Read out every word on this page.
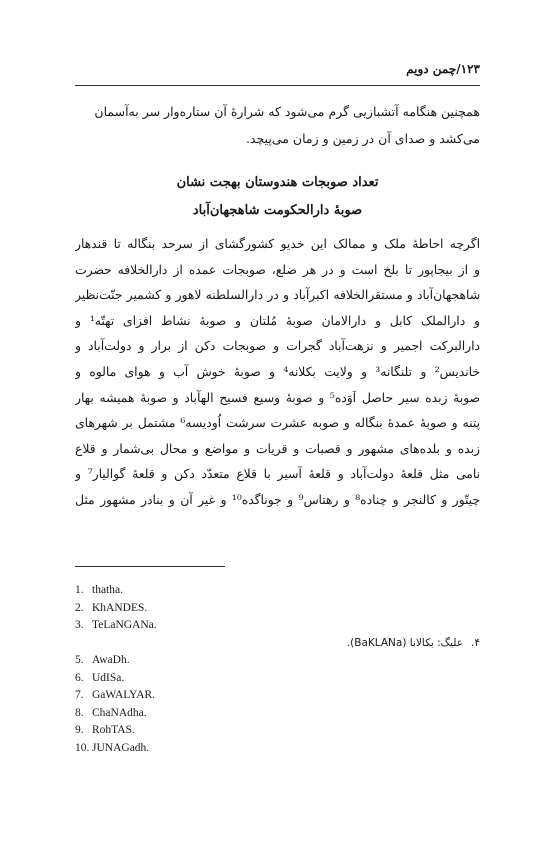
۱۲۳/چمن دویم

همچنین هنگامه آتشبازیی گرم می‌شود که شرارهٔ آن ستاره‌وار سر به‌آسمان

می‌کشد و صدای آن در زمین و زمان می‌پیچد.

تعداد صوبجات هندوستان بهجت نشان
صوبهٔ دارالحکومت شاهجهان‌آباد
اگرچه احاطهٔ ملک و ممالک این خدیو کشورگشای از سرحد بنگاله تا قندهار
و از بیجاپور تا بلخ است و در هر ضلع، صوبجات عمده از دارالخلافه حضرت
شاهجهان‌آباد و مستقرالخلافه اکبرآباد و در دارالسلطنه لاهور و کشمیر جنّت‌نظیر
و دارالملک کابل و دارالامان صوبهٔ مُلتان و صوبهٔ نشاط افزای تهتّه¹ و
دارالبرکت اجمیر و نزهت‌آباد گجرات و صوبجات دکن از برار و دولت‌آباد و
خاندیس² و تلنگانه³ و ولایت بکلانه⁴ و صوبهٔ خوش آب و هوای مالوه و
صوبهٔ زبده سیر حاصل اَوَده⁵ و صوبهٔ وسیع فسیح الهآباد و صوبهٔ همیشه بهار
پتنه و صوبهٔ عمدهٔ بنگاله و صوبه عشرت سرشت اُودیسه⁶ مشتمل بر شهرهای
زبده و بلده‌های مشهور و قصبات و قریات و مواضع و محال بی‌شمار و قلاع
نامی مثل قلعهٔ دولت‌آباد و قلعهٔ آسیر با قلاع متعدّد دکن و قلعهٔ گوالیار⁷ و
چیتّور و کالنجر و چناده⁸ و رهتاس⁹ و جوناگده¹⁰ و غیر آن و بنادر مشهور مثل
1. thatha.
2. KhANDES.
3. TeLaNGANa.
۴.علیگ: بکالانا (BaKLANa).
5. AwaDh.
6. UdISa.
7. GaWALYAR.
8. ChaNAdha.
9. RohTAS.
10. JUNAGadh.
